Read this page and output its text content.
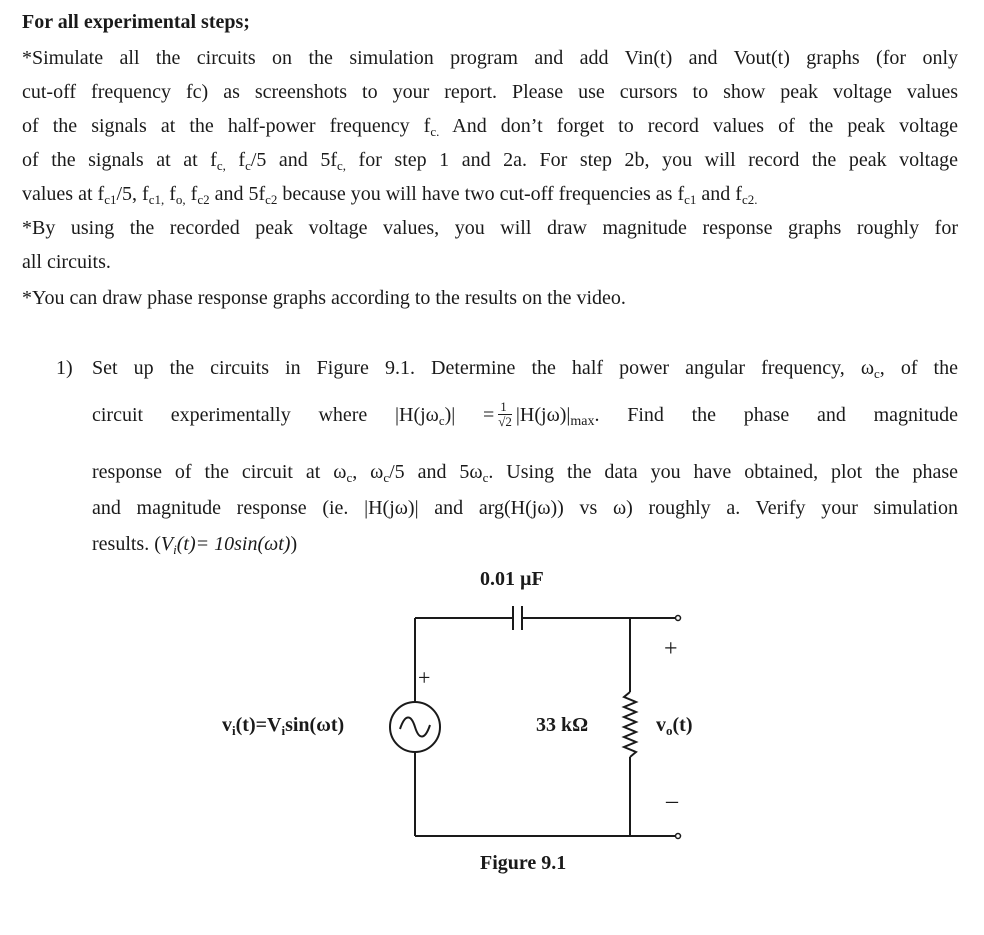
For all experimental steps;
*Simulate all the circuits on the simulation program and add Vin(t) and Vout(t) graphs (for only
cut-off frequency fc) as screenshots to your report. Please use cursors to show peak voltage values
of the signals at the half-power frequency $f_{c.}$ And don’t forget to record values of the peak voltage
of the signals at at $f_{c,}$ $f_c/5$ and $5f_{c,}$ for step 1 and 2a. For step 2b, you will record the peak voltage
values at $f_{c1}/5$, $f_{c1,}$ $f_{o,}$ $f_{c2}$ and $5f_{c2}$ because you will have two cut-off frequencies as $f_{c1}$ and $f_{c2.}$
*By using the recorded peak voltage values, you will draw magnitude response graphs roughly for
all circuits.
*You can draw phase response graphs according to the results on the video.
1) Set up the circuits in Figure 9.1. Determine the half power angular frequency, $\omega_c$, of the
circuit experimentally where $|H(j\omega_c)| = \frac{1}{√2} |H(j\omega)|_{max}$. Find the phase and magnitude
response of the circuit at $\omega_c$, $\omega_c/5$ and $5\omega_c$. Using the data you have obtained, plot the phase
and magnitude response (ie. |H(jω)| and arg(H(jω)) vs ω) roughly a. Verify your simulation
results. $(V_i(t)= 10\sin(\omega t))$
0.01 µF
33 kΩ
+
$v_i(t)=V_i\sin(\omega t)$
+
$v_o(t)$
–
Figure 9.1
